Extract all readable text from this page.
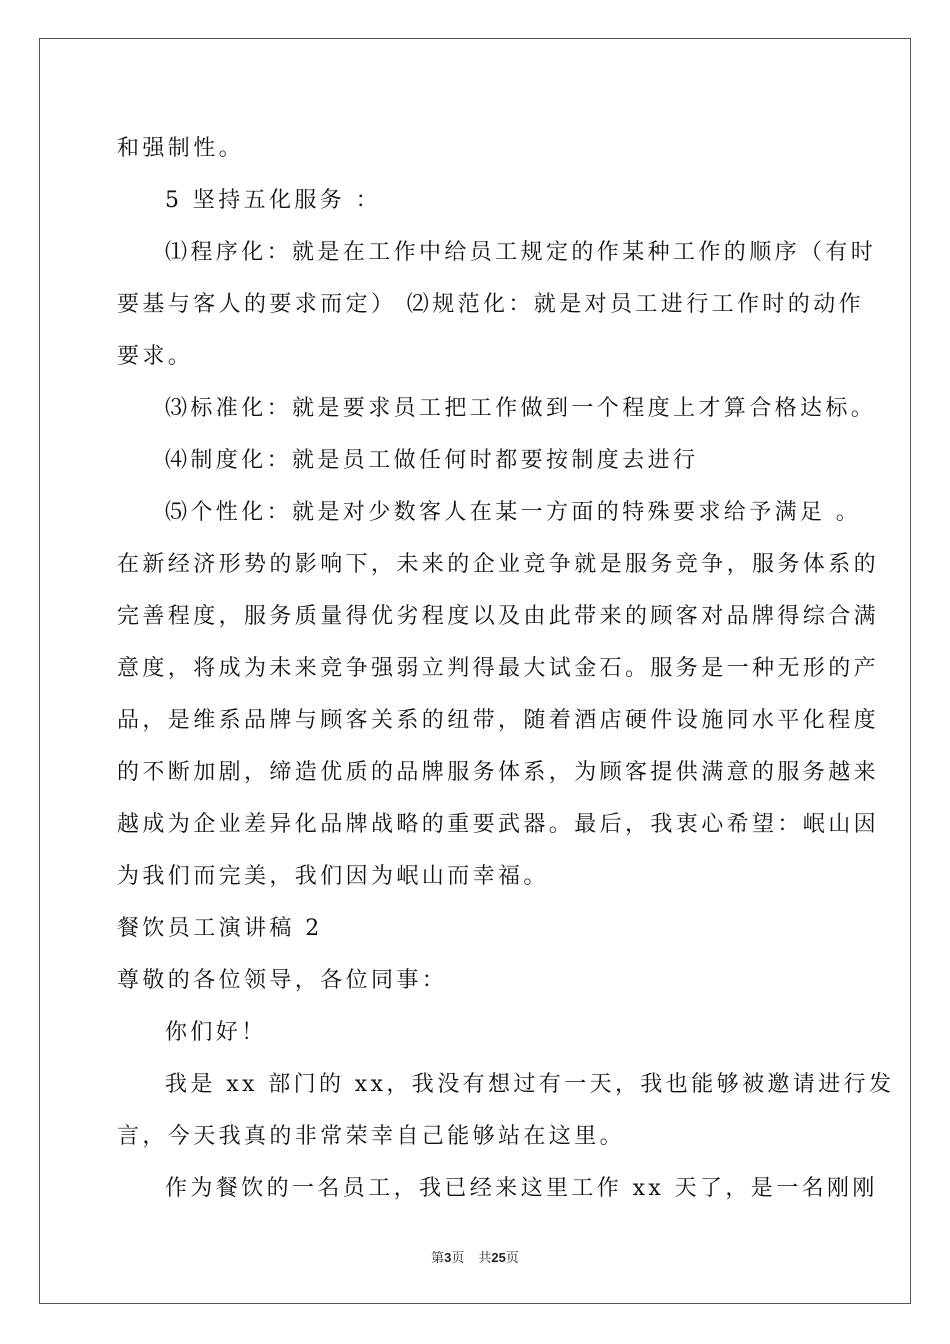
和强制性。

5 坚持五化服务 ：

⑴程序化：就是在工作中给员工规定的作某种工作的顺序（有时

要基与客人的要求而定） ⑵规范化：就是对员工进行工作时的动作

要求。

⑶标准化：就是要求员工把工作做到一个程度上才算合格达标。

⑷制度化：就是员工做任何时都要按制度去进行

⑸个性化：就是对少数客人在某一方面的特殊要求给予满足 。

在新经济形势的影响下，未来的企业竞争就是服务竞争，服务体系的

完善程度，服务质量得优劣程度以及由此带来的顾客对品牌得综合满

意度，将成为未来竞争强弱立判得最大试金石。服务是一种无形的产

品，是维系品牌与顾客关系的纽带，随着酒店硬件设施同水平化程度

的不断加剧，缔造优质的品牌服务体系，为顾客提供满意的服务越来

越成为企业差异化品牌战略的重要武器。最后，我衷心希望：岷山因

为我们而完美，我们因为岷山而幸福。

餐饮员工演讲稿 2

尊敬的各位领导，各位同事：

你们好！

我是 xx 部门的 xx，我没有想过有一天，我也能够被邀请进行发

言，今天我真的非常荣幸自己能够站在这里。

作为餐饮的一名员工，我已经来这里工作 xx 天了，是一名刚刚

第3页 共25页
